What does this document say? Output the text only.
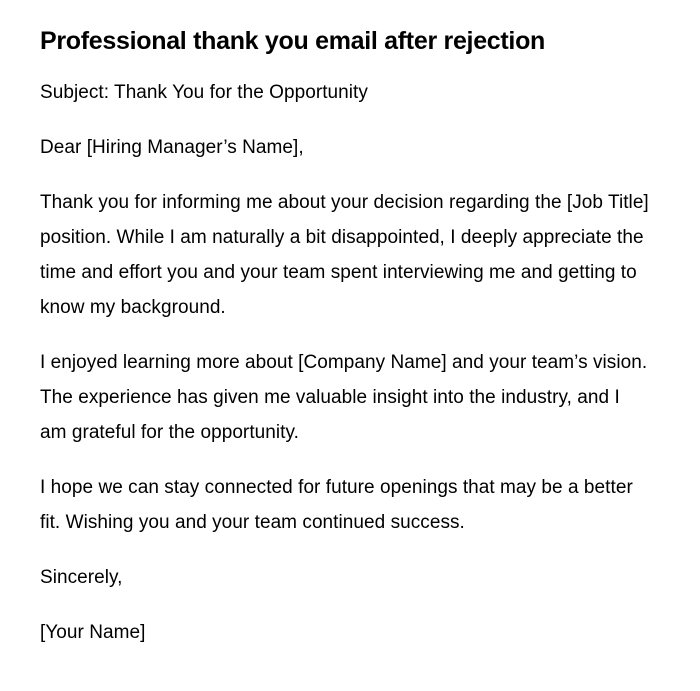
Professional thank you email after rejection

Subject: Thank You for the Opportunity

Dear [Hiring Manager’s Name],

Thank you for informing me about your decision regarding the [Job Title] position. While I am naturally a bit disappointed, I deeply appreciate the time and effort you and your team spent interviewing me and getting to know my background.

I enjoyed learning more about [Company Name] and your team’s vision. The experience has given me valuable insight into the industry, and I am grateful for the opportunity.

I hope we can stay connected for future openings that may be a better fit. Wishing you and your team continued success.

Sincerely,

[Your Name]
